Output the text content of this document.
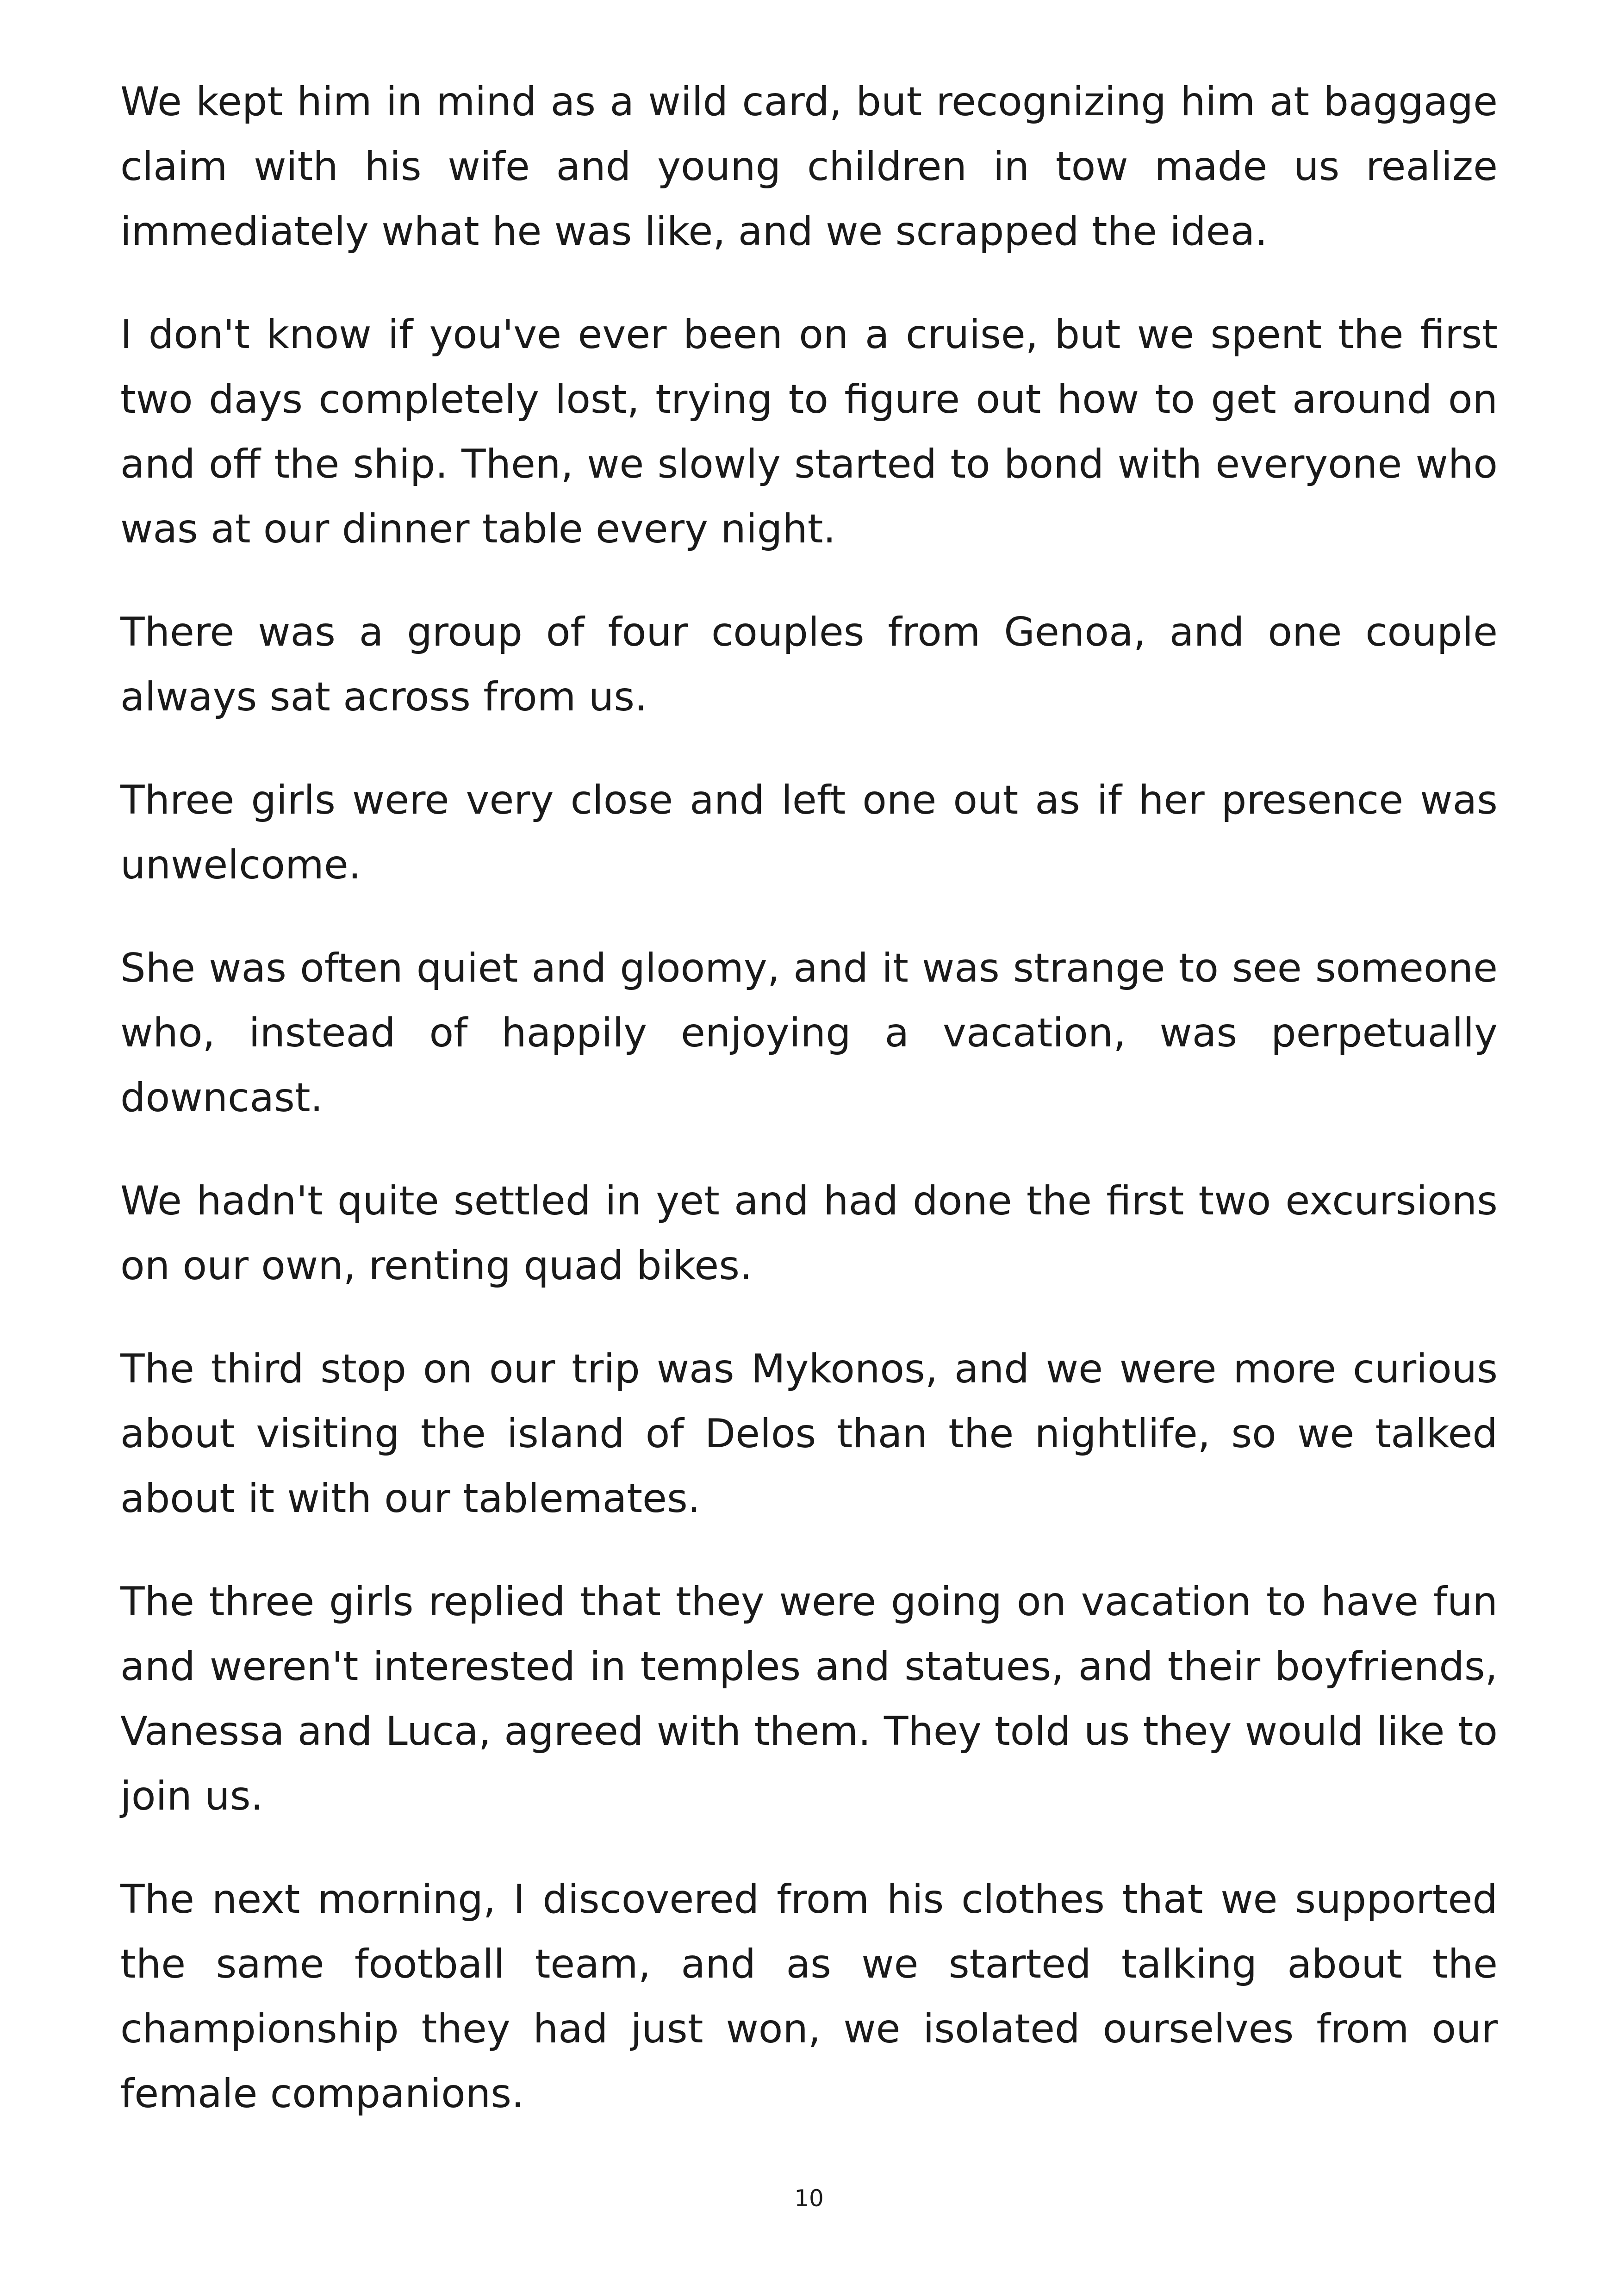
We kept him in mind as a wild card, but recognizing him at baggage claim with his wife and young children in tow made us realize immediately what he was like, and we scrapped the idea.

I don't know if you've ever been on a cruise, but we spent the first two days completely lost, trying to figure out how to get around on and off the ship. Then, we slowly started to bond with everyone who was at our dinner table every night.

There was a group of four couples from Genoa, and one couple always sat across from us.

Three girls were very close and left one out as if her presence was unwelcome.

She was often quiet and gloomy, and it was strange to see someone who, instead of happily enjoying a vacation, was perpetually downcast.

We hadn't quite settled in yet and had done the first two excursions on our own, renting quad bikes.

The third stop on our trip was Mykonos, and we were more curious about visiting the island of Delos than the nightlife, so we talked about it with our tablemates.

The three girls replied that they were going on vacation to have fun and weren't interested in temples and statues, and their boyfriends, Vanessa and Luca, agreed with them. They told us they would like to join us.

The next morning, I discovered from his clothes that we supported the same football team, and as we started talking about the championship they had just won, we isolated ourselves from our female companions.

10
